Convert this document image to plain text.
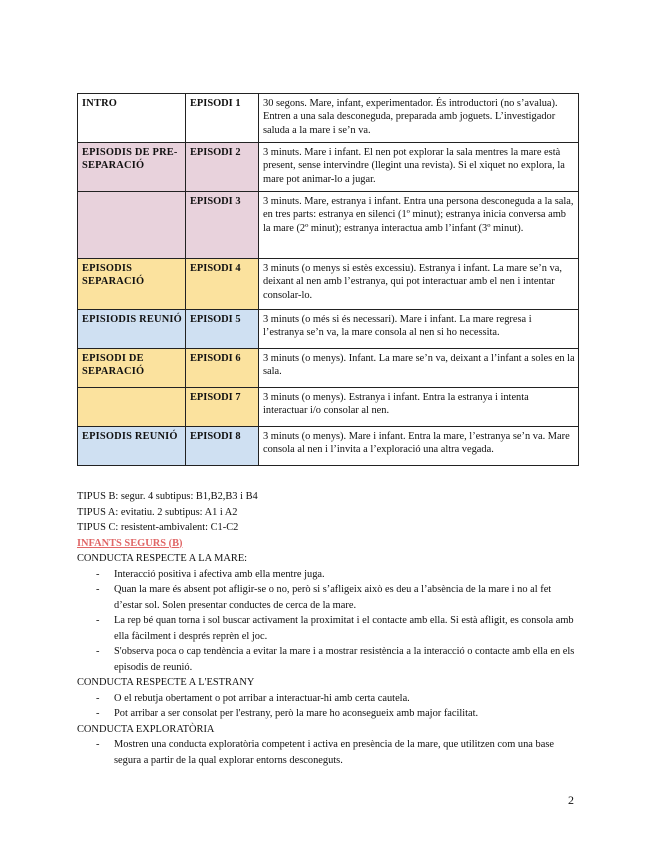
INTRO	EPISODI 1	30 segons. Mare, infant, experimentador. És introductori (no s’avalua). Entren a una sala desconeguda, preparada amb joguets. L’investigador saluda a la mare i se’n va.
EPISODIS DE PRE-SEPARACIÓ	EPISODI 2	3 minuts. Mare i infant. El nen pot explorar la sala mentres la mare està present, sense intervindre (llegint una revista). Si el xiquet no explora, la mare pot animar-lo a jugar.
	EPISODI 3	3 minuts. Mare, estranya i infant. Entra una persona desconeguda a la sala, en tres parts: estranya en silenci (1º minut); estranya inicia conversa amb la mare (2º minut); estranya interactua amb l’infant (3º minut).
EPISODIS SEPARACIÓ	EPISODI 4	3 minuts (o menys si estès excessiu). Estranya i infant. La mare se’n va, deixant al nen amb l’estranya, qui pot interactuar amb el nen i intentar consolar-lo.
EPISIODIS REUNIÓ	EPISODI 5	3 minuts (o més si és necessari). Mare i infant. La mare regresa i l’estranya se’n va, la mare consola al nen si ho necessita.
EPISODI DE SEPARACIÓ	EPISODI 6	3 minuts (o menys). Infant. La mare se’n va, deixant a l’infant a soles en la sala.
	EPISODI 7	3 minuts (o menys). Estranya i infant. Entra la estranya i intenta interactuar i/o consolar al nen.
EPISODIS REUNIÓ	EPISODI 8	3 minuts (o menys). Mare i infant. Entra la mare, l’estranya se’n va. Mare consola al nen i l’invita a l’exploració una altra vegada.
TIPUS B: segur. 4 subtipus: B1,B2,B3 i B4
TIPUS A: evitatiu. 2 subtipus: A1 i A2
TIPUS C: resistent-ambivalent: C1-C2
INFANTS SEGURS (B)
CONDUCTA RESPECTE A LA MARE:
- Interacció positiva i afectiva amb ella mentre juga.
- Quan la mare és absent pot afligir-se o no, però si s’afligeix això es deu a l’absència de la mare i no al fet d’estar sol. Solen presentar conductes de cerca de la mare.
- La rep bé quan torna i sol buscar activament la proximitat i el contacte amb ella. Si està afligit, es consola amb ella fàcilment i després reprèn el joc.
- S'observa poca o cap tendència a evitar la mare i a mostrar resistència a la interacció o contacte amb ella en els episodis de reunió.
CONDUCTA RESPECTE A L'ESTRANY
- O el rebutja obertament o pot arribar a interactuar-hi amb certa cautela.
- Pot arribar a ser consolat per l'estrany, però la mare ho aconsegueix amb major facilitat.
CONDUCTA EXPLORATÒRIA
- Mostren una conducta exploratòria competent i activa en presència de la mare, que utilitzen com una base segura a partir de la qual explorar entorns desconeguts.
2
